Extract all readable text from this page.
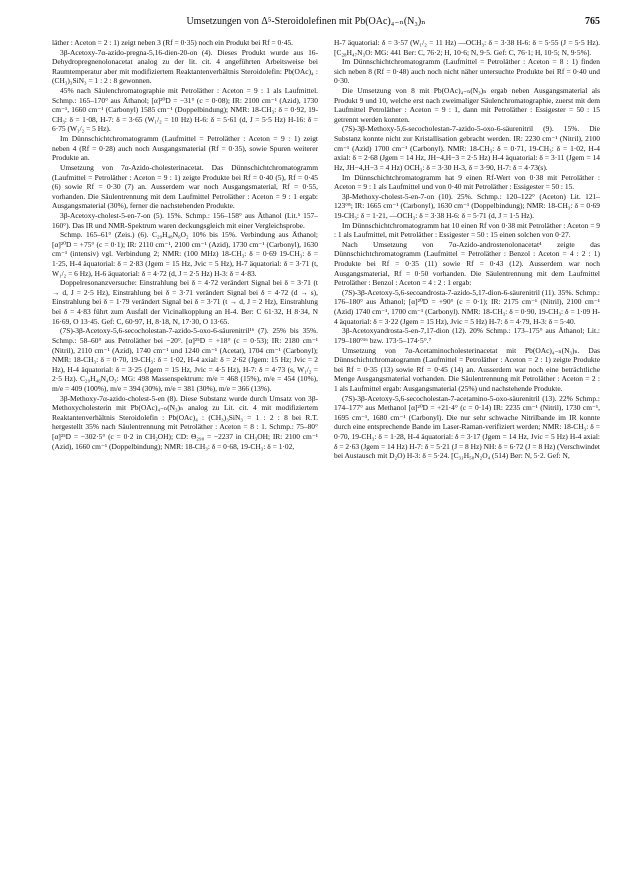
Umsetzungen von Δ⁵-Steroidolefinen mit Pb(OAc)₄₋ₙ(N₃)ₙ	765

läther : Aceton = 2 : 1) zeigt neben 3 (Rf = 0·35) noch ein Produkt bei Rf = 0·45.

3β-Acetoxy-7α-azido-pregna-5,16-dien-20-on (4). Dieses Produkt wurde aus 16-Dehydropregnenolonacetat analog zu der lit. cit. 4 angeführten Arbeitsweise bei Raumtemperatur aber mit modifiziertem Reaktantenverhältnis Steroidolefin: Pb(OAc)₄ : (CH₃)₃SiN₃ = 1 : 2 : 8 gewonnen.

45% nach Säulenchromatographie mit Petroläther : Aceton = 9 : 1 als Laufmittel. Schmp.: 165–170° aus Äthanol; [α]²⁰D = −31° (c = 0·08); IR: 2100 cm⁻¹ (Azid), 1730 cm⁻¹, 1660 cm⁻¹ (Carbonyl) 1585 cm⁻¹ (Doppelbindung); NMR: 18-CH₃: δ = 0·92, 19-CH₃: δ = 1·08, H-7: δ = 3·65 (W₁/₂ = 10 Hz) H-6: δ = 5·61 (d, J = 5·5 Hz) H-16: δ = 6·75 (W₁/₂ = 5 Hz).

Im Dünnschichtchromatogramm (Laufmittel = Petroläther : Aceton = 9 : 1) zeigt neben 4 (Rf = 0·28) auch noch Ausgangsmaterial (Rf = 0·35), sowie Spuren weiterer Produkte an.

Umsetzung von 7α-Azido-cholesterinacetat. Das Dünnschichtchromatogramm (Laufmittel = Petroläther : Aceton = 9 : 1) zeigte Produkte bei Rf = 0·40 (5), Rf = 0·45 (6) sowie Rf = 0·30 (7) an. Ausserdem war noch Ausgangsmaterial, Rf = 0·55, vorhanden. Die Säulentrennung mit dem Laufmittel Petroläther : Aceton = 9 : 1 ergab: Ausgangsmaterial (30%), ferner die nachstehenden Produkte.

3β-Acetoxy-cholest-5-en-7-on (5). 15%. Schmp.: 156–158° aus Äthanol (Lit.⁵ 157–160°). Das IR und NMR-Spektrum waren deckungsgleich mit einer Vergleichsprobe.

Schmp. 165–61° (Zeis.) (6). C₂₉H₄₈N₆O₂ 10% bis 15%. Verbindung aus Äthanol; [α]²⁰D = +75° (c = 0·1); IR: 2110 cm⁻¹, 2100 cm⁻¹ (Azid), 1730 cm⁻¹ (Carbonyl), 1630 cm⁻¹ (intensiv) vgl. Verbindung 2; NMR: (100 MHz) 18-CH₃: δ = 0·69 19-CH₃: δ = 1·25, H-4 äquatorial: δ = 2·83 (Jgem = 15 Hz, Jvic = 5 Hz), H-7 äquatorial: δ = 3·71 (t, W₁/₂ = 6 Hz), H-6 äquatorial: δ = 4·72 (d, J = 2·5 Hz) H-3: δ = 4·83.

Doppelresonanzversuche: Einstrahlung bei δ = 4·72 verändert Signal bei δ = 3·71 (t → d, J = 2·5 Hz), Einstrahlung bei δ = 3·71 verändert Signal bei δ = 4·72 (d → s), Einstrahlung bei δ = 1·79 verändert Signal bei δ = 3·71 (t → d, J = 2 Hz), Einstrahlung bei δ = 4·83 führt zum Ausfall der Vicinalkopplung an H-4. Ber: C 61·32, H 8·34, N 16·69, O 13·45. Gef: C, 60·97, H, 8·18, N, 17·30, O 13·65.

(7S)-3β-Acetoxy-5,6-secocholestan-7-azido-5-oxo-6-säurenitril¹⁶ (7). 25% bis 35%. Schmp.: 58–60° aus Petroläther bei −20°. [α]²⁵D = +18° (c = 0·53); IR: 2180 cm⁻¹ (Nitril), 2110 cm⁻¹ (Azid), 1740 cm⁻¹ und 1240 cm⁻¹ (Acetat), 1704 cm⁻¹ (Carbonyl); NMR: 18-CH₃: δ = 0·70, 19-CH₃: δ = 1·02, H-4 axial: δ = 2·62 (Jgem: 15 Hz; Jvic = 2 Hz), H-4 äquatorial: δ = 3·25 (Jgem = 15 Hz, Jvic = 4·5 Hz), H-7: δ = 4·73 (s, W₁/₂ = 2·5 Hz). C₂₉H₄₆N₄O₃: MG: 498 Massenspektrum: m/e = 468 (15%), m/e = 454 (10%), m/e = 409 (100%), m/e = 394 (30%), m/e = 381 (30%), m/e = 366 (13%).

3β-Methoxy-7α-azido-cholest-5-en (8). Diese Substanz wurde durch Umsatz von 3β-Methoxycholesterin mit Pb(OAc)₄₋ₙ(N₃)ₙ analog zu Lit. cit. 4 mit modifiziertem Reaktantenverhältnis Steroidolefin : Pb(OAc)₄ : (CH₃)₃SiN₃ = 1 : 2 : 8 bei R.T. hergestellt 35% nach Säulentrennung mit Petroläther : Aceton = 8 : 1. Schmp.: 75–80° [α]²⁵D = −302·5° (c = 0·2 in CH₂OH); CD: Θ₂₉₀ = −2237 in CH₃OH; IR: 2100 cm⁻¹ (Azid), 1660 cm⁻¹ (Doppelbindung); NMR: 18-CH₃: δ = 0·68, 19-CH₃: δ = 1·02,

H-7 äquatorial: δ = 3·57 (W₁/₂ = 11 Hz) —OCH₃: δ = 3·38 H-6: δ = 5·55 (J = 5·5 Hz). [C₂₈H₄₇N₃O: MG: 441 Ber: C, 76·2; H, 10·6; N, 9·5. Gef: C, 76·1; H, 10·5; N, 9·5%].

Im Dünnschichtchromatogramm (Laufmittel = Petroläther : Aceton = 8 : 1) finden sich neben 8 (Rf = 0·48) auch noch nicht näher untersuchte Produkte bei Rf = 0·40 und 0·30.

Die Umsetzung von 8 mit Pb(OAc)₄₋ₙ(N₃)ₙ ergab neben Ausgangsmaterial als Produkt 9 und 10, welche erst nach zweimaliger Säulenchromatographie, zuerst mit dem Laufmittel Petroläther : Aceton = 9 : 1, dann mit Petroläther : Essigester = 50 : 15 getrennt werden konnten.

(7S)-3β-Methoxy-5,6-secocholestan-7-azido-5-oxo-6-säurenitril (9). 15%. Die Substanz konnte nicht zur Kristallisation gebracht werden. IR: 2230 cm⁻¹ (Nitril), 2100 cm⁻¹ (Azid) 1700 cm⁻¹ (Carbonyl). NMR: 18-CH₃: δ = 0·71, 19-CH₃: δ = 1·02, H-4 axial: δ = 2·68 (Jgem = 14 Hz, JH−4,H−3 = 2·5 Hz) H-4 äquatorial: δ = 3·11 (Jgem = 14 Hz, JH−4,H−3 = 4 Hz) OCH₃: δ = 3·30 H-3, δ = 3·90, H-7: δ = 4·73(s).

Im Dünnschichtchromatogramm hat 9 einen Rf-Wert von 0·38 mit Petroläther : Aceton = 9 : 1 als Laufmittel und von 0·40 mit Petroläther : Essigester = 50 : 15.

3β-Methoxy-cholest-5-en-7-on (10). 25%. Schmp.: 120–122° (Aceton) Lit. 121–123°⁸; IR: 1665 cm⁻¹ (Carbonyl), 1630 cm⁻¹ (Doppelbindung); NMR: 18-CH₃: δ = 0·69 19-CH₃: δ = 1·21, —OCH₃: δ = 3·38 H-6: δ = 5·71 (d, J = 1·5 Hz).

Im Dünnschichtchromatogramm hat 10 einen Rf von 0·38 mit Petroläther : Aceton = 9 : 1 als Laufmittel, mit Petroläther : Essigester = 50 : 15 einen solchen von 0·27.

Nach Umsetzung von 7α-Azido-androstenolonacetat⁴ zeigte das Dünnschichtchromatogramm (Laufmittel = Petroläther : Benzol : Aceton = 4 : 2 : 1) Produkte bei Rf = 0·35 (11) sowie Rf = 0·43 (12). Ausserdem war noch Ausgangsmaterial, Rf = 0·50 vorhanden. Die Säulentrennung mit dem Laufmittel Petroläther : Benzol : Aceton = 4 : 2 : 1 ergab:

(7S)-3β-Acetoxy-5,6-secoandrosta-7-azido-5,17-dion-6-säurenitril (11). 35%. Schmp.: 176–180° aus Äthanol; [α]²⁰D = +90° (c = 0·1); IR: 2175 cm⁻¹ (Nitril), 2100 cm⁻¹ (Azid) 1740 cm⁻¹, 1700 cm⁻¹ (Carbonyl). NMR: 18-CH₃: δ = 0·90, 19-CH₃: δ = 1·09 H-4 äquatorial: δ = 3·22 (Jgem = 15 Hz), Jvic = 5 Hz) H-7: δ = 4·79, H-3: δ = 5·40.

3β-Acetoxyandrosta-5-en-7,17-dion (12). 20% Schmp.: 173–175° aus Äthanol; Lit.: 179–180°¹⁶ bzw. 173·5–174·5°.⁷

Umsetzung von 7α-Acetaminocholesterinacetat mit Pb(OAc)₄₋ₙ(N₃)ₙ. Das Dünnschichtchromatogramm (Laufmittel = Petroläther : Aceton = 2 : 1) zeigte Produkte bei Rf = 0·35 (13) sowie Rf = 0·45 (14) an. Ausserdem war noch eine beträchtliche Menge Ausgangsmaterial vorhanden. Die Säulentrennung mit Petroläther : Aceton = 2 : 1 als Laufmittel ergab: Ausgangsmaterial (25%) und nachstehende Produkte.

(7S)-3β-Acetoxy-5,6-secocholestan-7-acetamino-5-oxo-säurenitril (13). 22% Schmp.: 174–177° aus Methanol [α]²⁰D = +21·4° (c = 0·14) IR: 2235 cm⁻¹ (Nitril), 1730 cm⁻¹, 1695 cm⁻¹, 1680 cm⁻¹ (Carbonyl). Die nur sehr schwache Nitrilbande im IR konnte durch eine entsprechende Bande im Laser-Raman-verifiziert werden; NMR: 18-CH₃: δ = 0·70, 19-CH₃: δ = 1·28, H-4 äquatorial: δ = 3·17 (Jgem = 14 Hz, Jvic = 5 Hz) H-4 axial: δ = 2·63 (Jgem = 14 Hz) H-7: δ = 5·21 (J = 8 Hz) NH: δ = 6·72 (J = 8 Hz) (Verschwindet bei Austausch mit D₂O) H-3: δ = 5·24. [C₃₁H₅₀N₂O₄ (514) Ber: N, 5·2. Gef: N,
